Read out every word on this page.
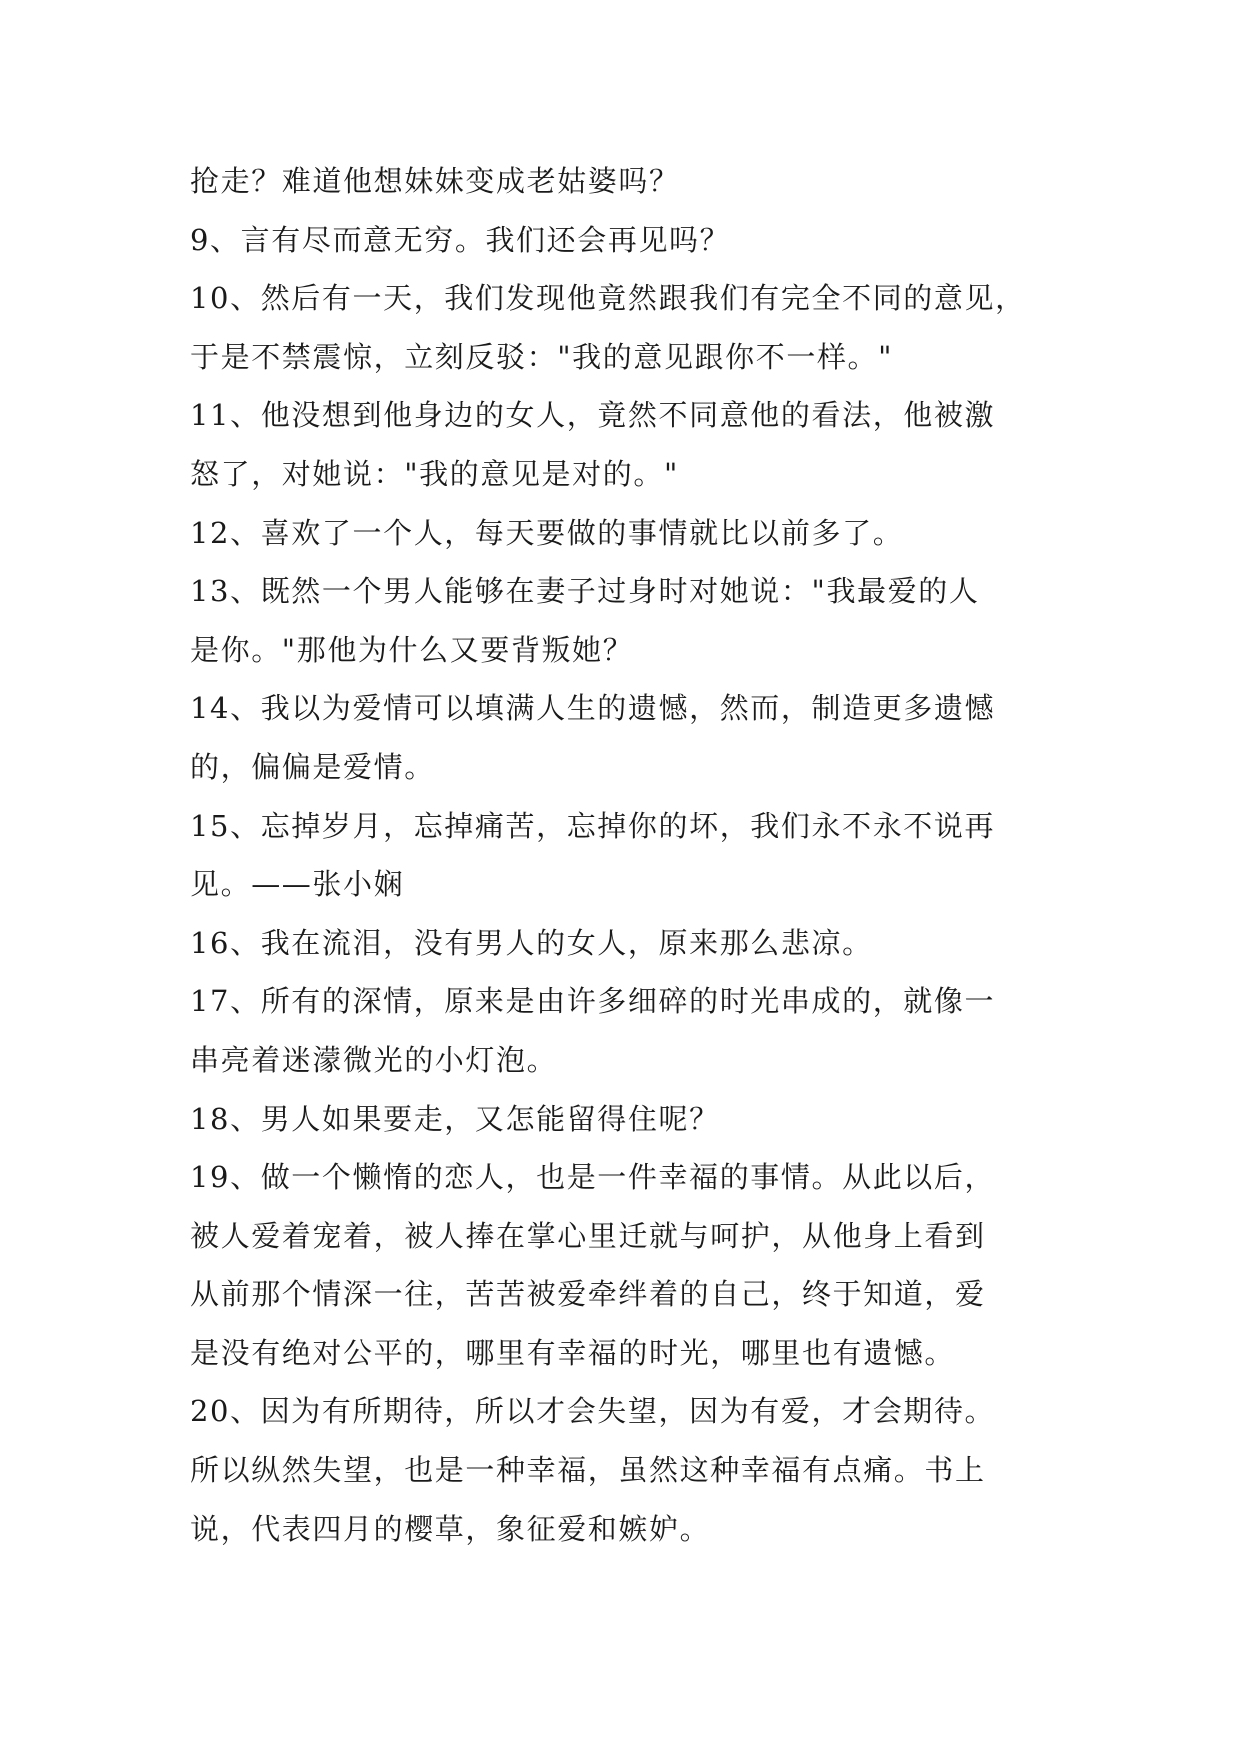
抢走？难道他想妹妹变成老姑婆吗？
9、言有尽而意无穷。我们还会再见吗？
10、然后有一天，我们发现他竟然跟我们有完全不同的意见，
于是不禁震惊，立刻反驳："我的意见跟你不一样。"
11、他没想到他身边的女人，竟然不同意他的看法，他被激
怒了，对她说："我的意见是对的。"
12、喜欢了一个人，每天要做的事情就比以前多了。
13、既然一个男人能够在妻子过身时对她说："我最爱的人
是你。"那他为什么又要背叛她？
14、我以为爱情可以填满人生的遗憾，然而，制造更多遗憾
的，偏偏是爱情。
15、忘掉岁月，忘掉痛苦，忘掉你的坏，我们永不永不说再
见。——张小娴
16、我在流泪，没有男人的女人，原来那么悲凉。
17、所有的深情，原来是由许多细碎的时光串成的，就像一
串亮着迷濛微光的小灯泡。
18、男人如果要走，又怎能留得住呢？
19、做一个懒惰的恋人，也是一件幸福的事情。从此以后，
被人爱着宠着，被人捧在掌心里迁就与呵护，从他身上看到
从前那个情深一往，苦苦被爱牵绊着的自己，终于知道，爱
是没有绝对公平的，哪里有幸福的时光，哪里也有遗憾。
20、因为有所期待，所以才会失望，因为有爱，才会期待。
所以纵然失望，也是一种幸福，虽然这种幸福有点痛。书上
说，代表四月的樱草，象征爱和嫉妒。
